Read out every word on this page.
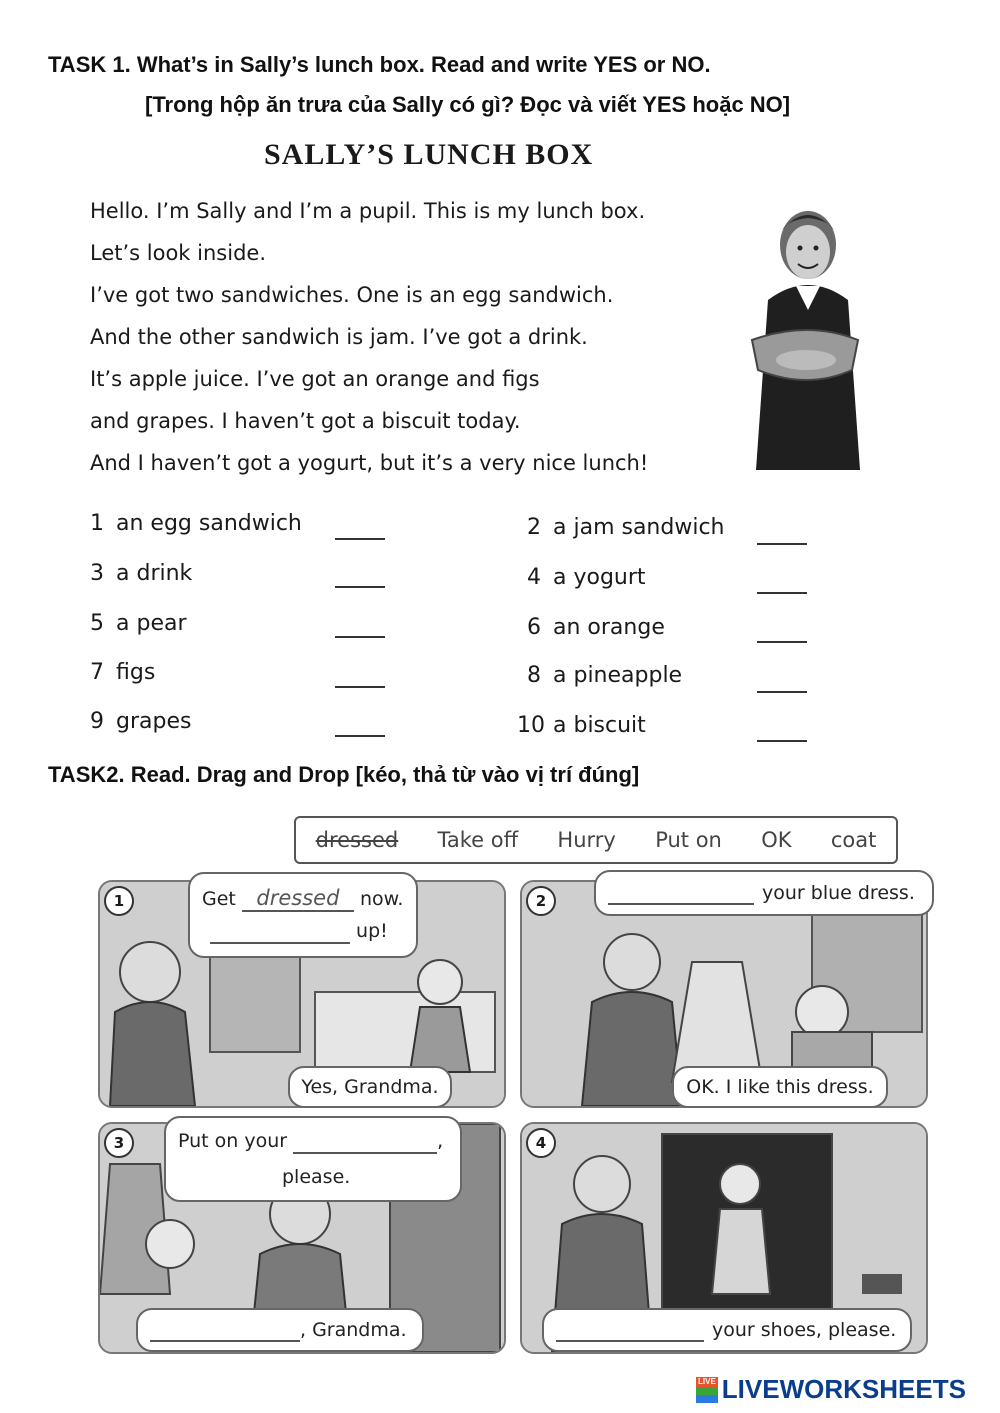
TASK 1. What’s in Sally’s lunch box. Read and write YES or NO.
[Trong hộp ăn trưa của Sally có gì? Đọc và viết YES hoặc NO]
SALLY’S LUNCH BOX
Hello. I’m Sally and I’m a pupil. This is my lunch box.
Let’s look inside.
I’ve got two sandwiches. One is an egg sandwich.
And the other sandwich is jam. I’ve got a drink.
It’s apple juice. I’ve got an orange and figs
and grapes. I haven’t got a biscuit today.
And I haven’t got a yogurt, but it’s a very nice lunch!
1 an egg sandwich
3 a drink
5 a pear
7 figs
9 grapes
2 a jam sandwich
4 a yogurt
6 an orange
8 a pineapple
10 a biscuit
TASK2. Read. Drag and Drop [kéo, thả từ vào vị trí đúng]
dressed Take off Hurry Put on OK coat
1	Get dressed now.
up!
Yes, Grandma.
2
	your blue dress.
OK. I like this dress.
3	Put on your	,
please.

, Grandma.
4

your shoes, please.
LIVE LIVEWORKSHEETS
